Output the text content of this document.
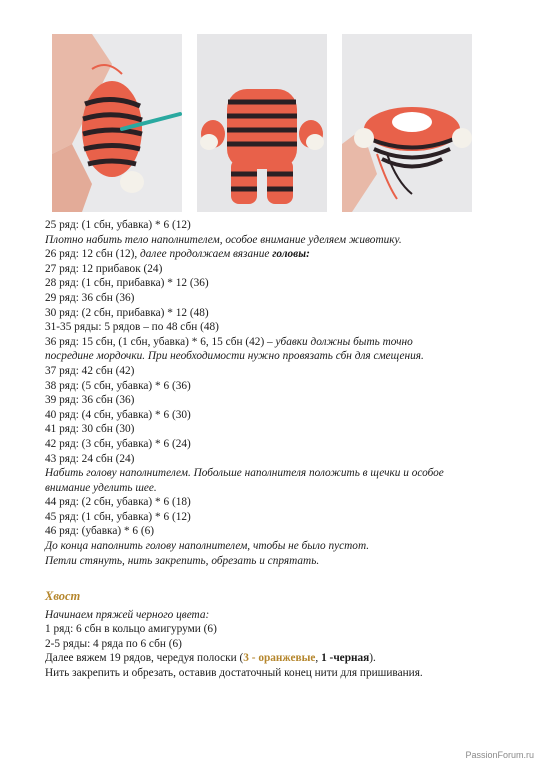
25 ряд: (1 сбн, убавка) * 6 (12)
Плотно набить тело наполнителем, особое внимание уделяем животику.
26 ряд: 12 сбн (12), далее продолжаем вязание головы:
27 ряд: 12 прибавок (24)
28 ряд: (1 сбн, прибавка) * 12 (36)
29 ряд: 36 сбн (36)
30 ряд: (2 сбн, прибавка) * 12 (48)
31-35 ряды: 5 рядов – по 48 сбн (48)
36 ряд: 15 сбн, (1 сбн, убавка) * 6, 15 сбн (42) – убавки должны быть точно
посредине мордочки. При необходимости нужно провязать сбн для смещения.
37 ряд: 42 сбн (42)
38 ряд: (5 сбн, убавка) * 6 (36)
39 ряд: 36 сбн (36)
40 ряд: (4 сбн, убавка) * 6 (30)
41 ряд: 30 сбн (30)
42 ряд: (3 сбн, убавка) * 6 (24)
43 ряд: 24 сбн (24)
Набить голову наполнителем. Побольше наполнителя положить в щечки и особое
внимание уделить шее.
44 ряд: (2 сбн, убавка) * 6 (18)
45 ряд: (1 сбн, убавка) * 6 (12)
46 ряд: (убавка) * 6 (6)
До конца наполнить голову наполнителем, чтобы не было пустот.
Петли стянуть, нить закрепить, обрезать и спрятать.
Хвост
Начинаем пряжей черного цвета:
1 ряд: 6 сбн в кольцо амигуруми (6)
2-5 ряды: 4 ряда по 6 сбн (6)
Далее вяжем 19 рядов, чередуя полоски (3 - оранжевые, 1 -черная).
Нить закрепить и обрезать, оставив достаточный конец нити для пришивания.
PassionForum.ru
